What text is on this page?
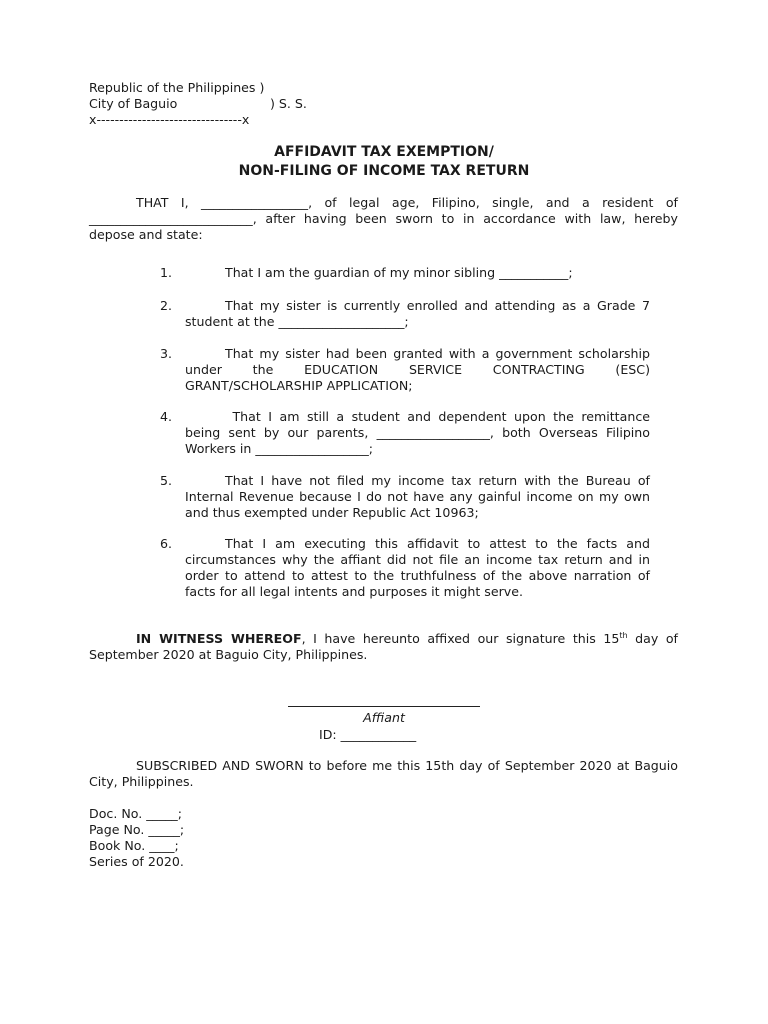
Republic of the Philippines )
City of Baguio	) S. S.
x--------------------------------x
AFFIDAVIT TAX EXEMPTION/
NON-FILING OF INCOME TAX RETURN
THAT I, _________________, of legal age, Filipino, single, and a resident of __________________________, after having been sworn to in accordance with law, hereby depose and state:
1.	That I am the guardian of my minor sibling ___________;
2.	That my sister is currently enrolled and attending as a Grade 7 student at the ____________________;
3.	That my sister had been granted with a government scholarship under the EDUCATION SERVICE CONTRACTING (ESC) GRANT/SCHOLARSHIP APPLICATION;
4.	That I am still a student and dependent upon the remittance being sent by our parents, __________________, both Overseas Filipino Workers in __________________;
5.	That I have not filed my income tax return with the Bureau of Internal Revenue because I do not have any gainful income on my own and thus exempted under Republic Act 10963;
6.	That I am executing this affidavit to attest to the facts and circumstances why the affiant did not file an income tax return and in order to attend to attest to the truthfulness of the above narration of facts for all legal intents and purposes it might serve.
IN WITNESS WHEREOF, I have hereunto affixed our signature this 15th day of September 2020 at Baguio City, Philippines.
Affiant
ID: ____________
SUBSCRIBED AND SWORN to before me this 15th day of September 2020 at Baguio City, Philippines.
Doc. No. _____;
Page No. _____;
Book No. ____;
Series of 2020.
